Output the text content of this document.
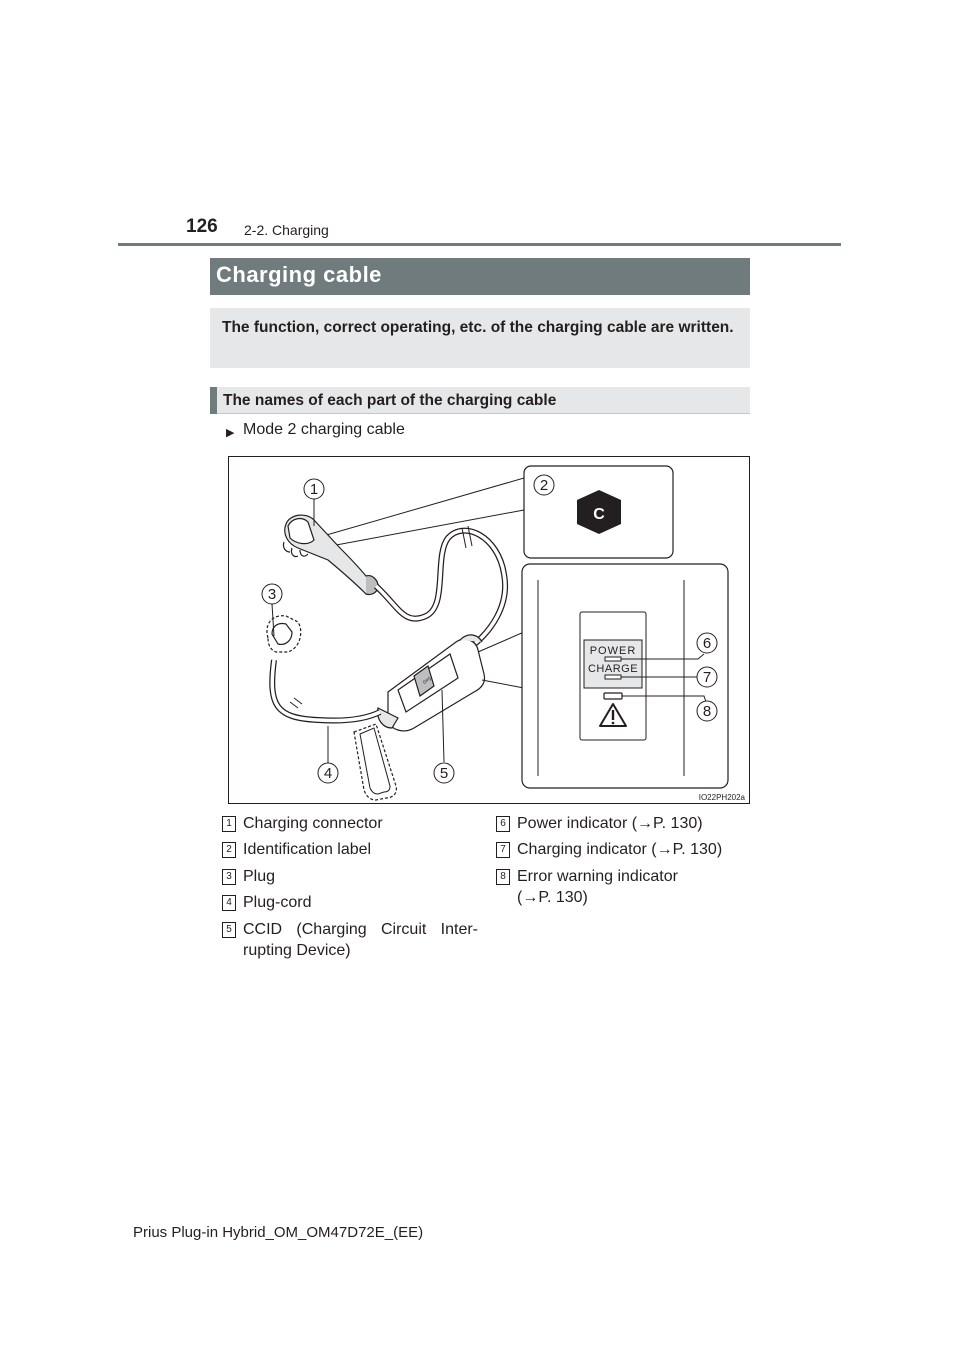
126 2-2. Charging
Charging cable
The function, correct operating, etc. of the charging cable are written.
The names of each part of the charging cable
▶ Mode 2 charging cable
C
(on)
POWER
CHARGE
1	2
3
4	5
6
7
8
IO22PH202a
1 Charging connector
2 Identification label
3 Plug
4 Plug-cord
5 CCID (Charging Circuit Inter-
rupting Device)
6 Power indicator (→P. 130)
7 Charging indicator (→P. 130)
8 Error warning indicator
(→P. 130)
Prius Plug-in Hybrid_OM_OM47D72E_(EE)
